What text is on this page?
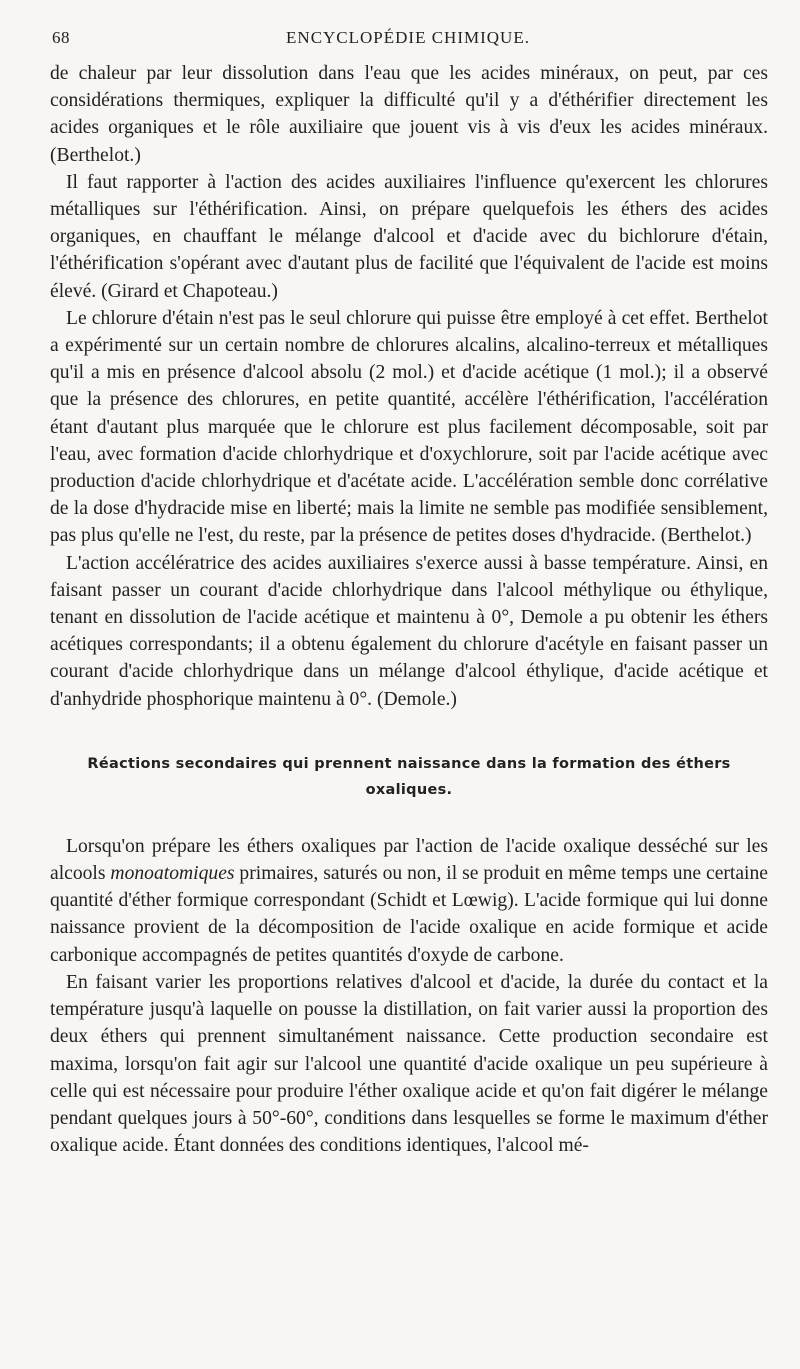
68	ENCYCLOPÉDIE CHIMIQUE.

de chaleur par leur dissolution dans l'eau que les acides minéraux, on peut, par ces considérations thermiques, expliquer la difficulté qu'il y a d'éthérifier directement les acides organiques et le rôle auxiliaire que jouent vis à vis d'eux les acides minéraux. (Berthelot.)

Il faut rapporter à l'action des acides auxiliaires l'influence qu'exercent les chlorures métalliques sur l'éthérification. Ainsi, on prépare quelquefois les éthers des acides organiques, en chauffant le mélange d'alcool et d'acide avec du bichlorure d'étain, l'éthérification s'opérant avec d'autant plus de facilité que l'équivalent de l'acide est moins élevé. (Girard et Chapoteau.)

Le chlorure d'étain n'est pas le seul chlorure qui puisse être employé à cet effet. Berthelot a expérimenté sur un certain nombre de chlorures alcalins, alcalino-terreux et métalliques qu'il a mis en présence d'alcool absolu (2 mol.) et d'acide acétique (1 mol.); il a observé que la présence des chlorures, en petite quantité, accélère l'éthérification, l'accélération étant d'autant plus marquée que le chlorure est plus facilement décomposable, soit par l'eau, avec formation d'acide chlorhydrique et d'oxychlorure, soit par l'acide acétique avec production d'acide chlorhydrique et d'acétate acide. L'accélération semble donc corrélative de la dose d'hydracide mise en liberté; mais la limite ne semble pas modifiée sensiblement, pas plus qu'elle ne l'est, du reste, par la présence de petites doses d'hydracide. (Berthelot.)

L'action accélératrice des acides auxiliaires s'exerce aussi à basse température. Ainsi, en faisant passer un courant d'acide chlorhydrique dans l'alcool méthylique ou éthylique, tenant en dissolution de l'acide acétique et maintenu à 0°, Demole a pu obtenir les éthers acétiques correspondants; il a obtenu également du chlorure d'acétyle en faisant passer un courant d'acide chlorhydrique dans un mélange d'alcool éthylique, d'acide acétique et d'anhydride phosphorique maintenu à 0°. (Demole.)

Réactions secondaires qui prennent naissance dans la formation des éthers oxaliques.

Lorsqu'on prépare les éthers oxaliques par l'action de l'acide oxalique desséché sur les alcools monoatomiques primaires, saturés ou non, il se produit en même temps une certaine quantité d'éther formique correspondant (Schidt et Lœwig). L'acide formique qui lui donne naissance provient de la décomposition de l'acide oxalique en acide formique et acide carbonique accompagnés de petites quantités d'oxyde de carbone.

En faisant varier les proportions relatives d'alcool et d'acide, la durée du contact et la température jusqu'à laquelle on pousse la distillation, on fait varier aussi la proportion des deux éthers qui prennent simultanément naissance. Cette production secondaire est maxima, lorsqu'on fait agir sur l'alcool une quantité d'acide oxalique un peu supérieure à celle qui est nécessaire pour produire l'éther oxalique acide et qu'on fait digérer le mélange pendant quelques jours à 50°-60°, conditions dans lesquelles se forme le maximum d'éther oxalique acide. Étant données des conditions identiques, l'alcool mé-
